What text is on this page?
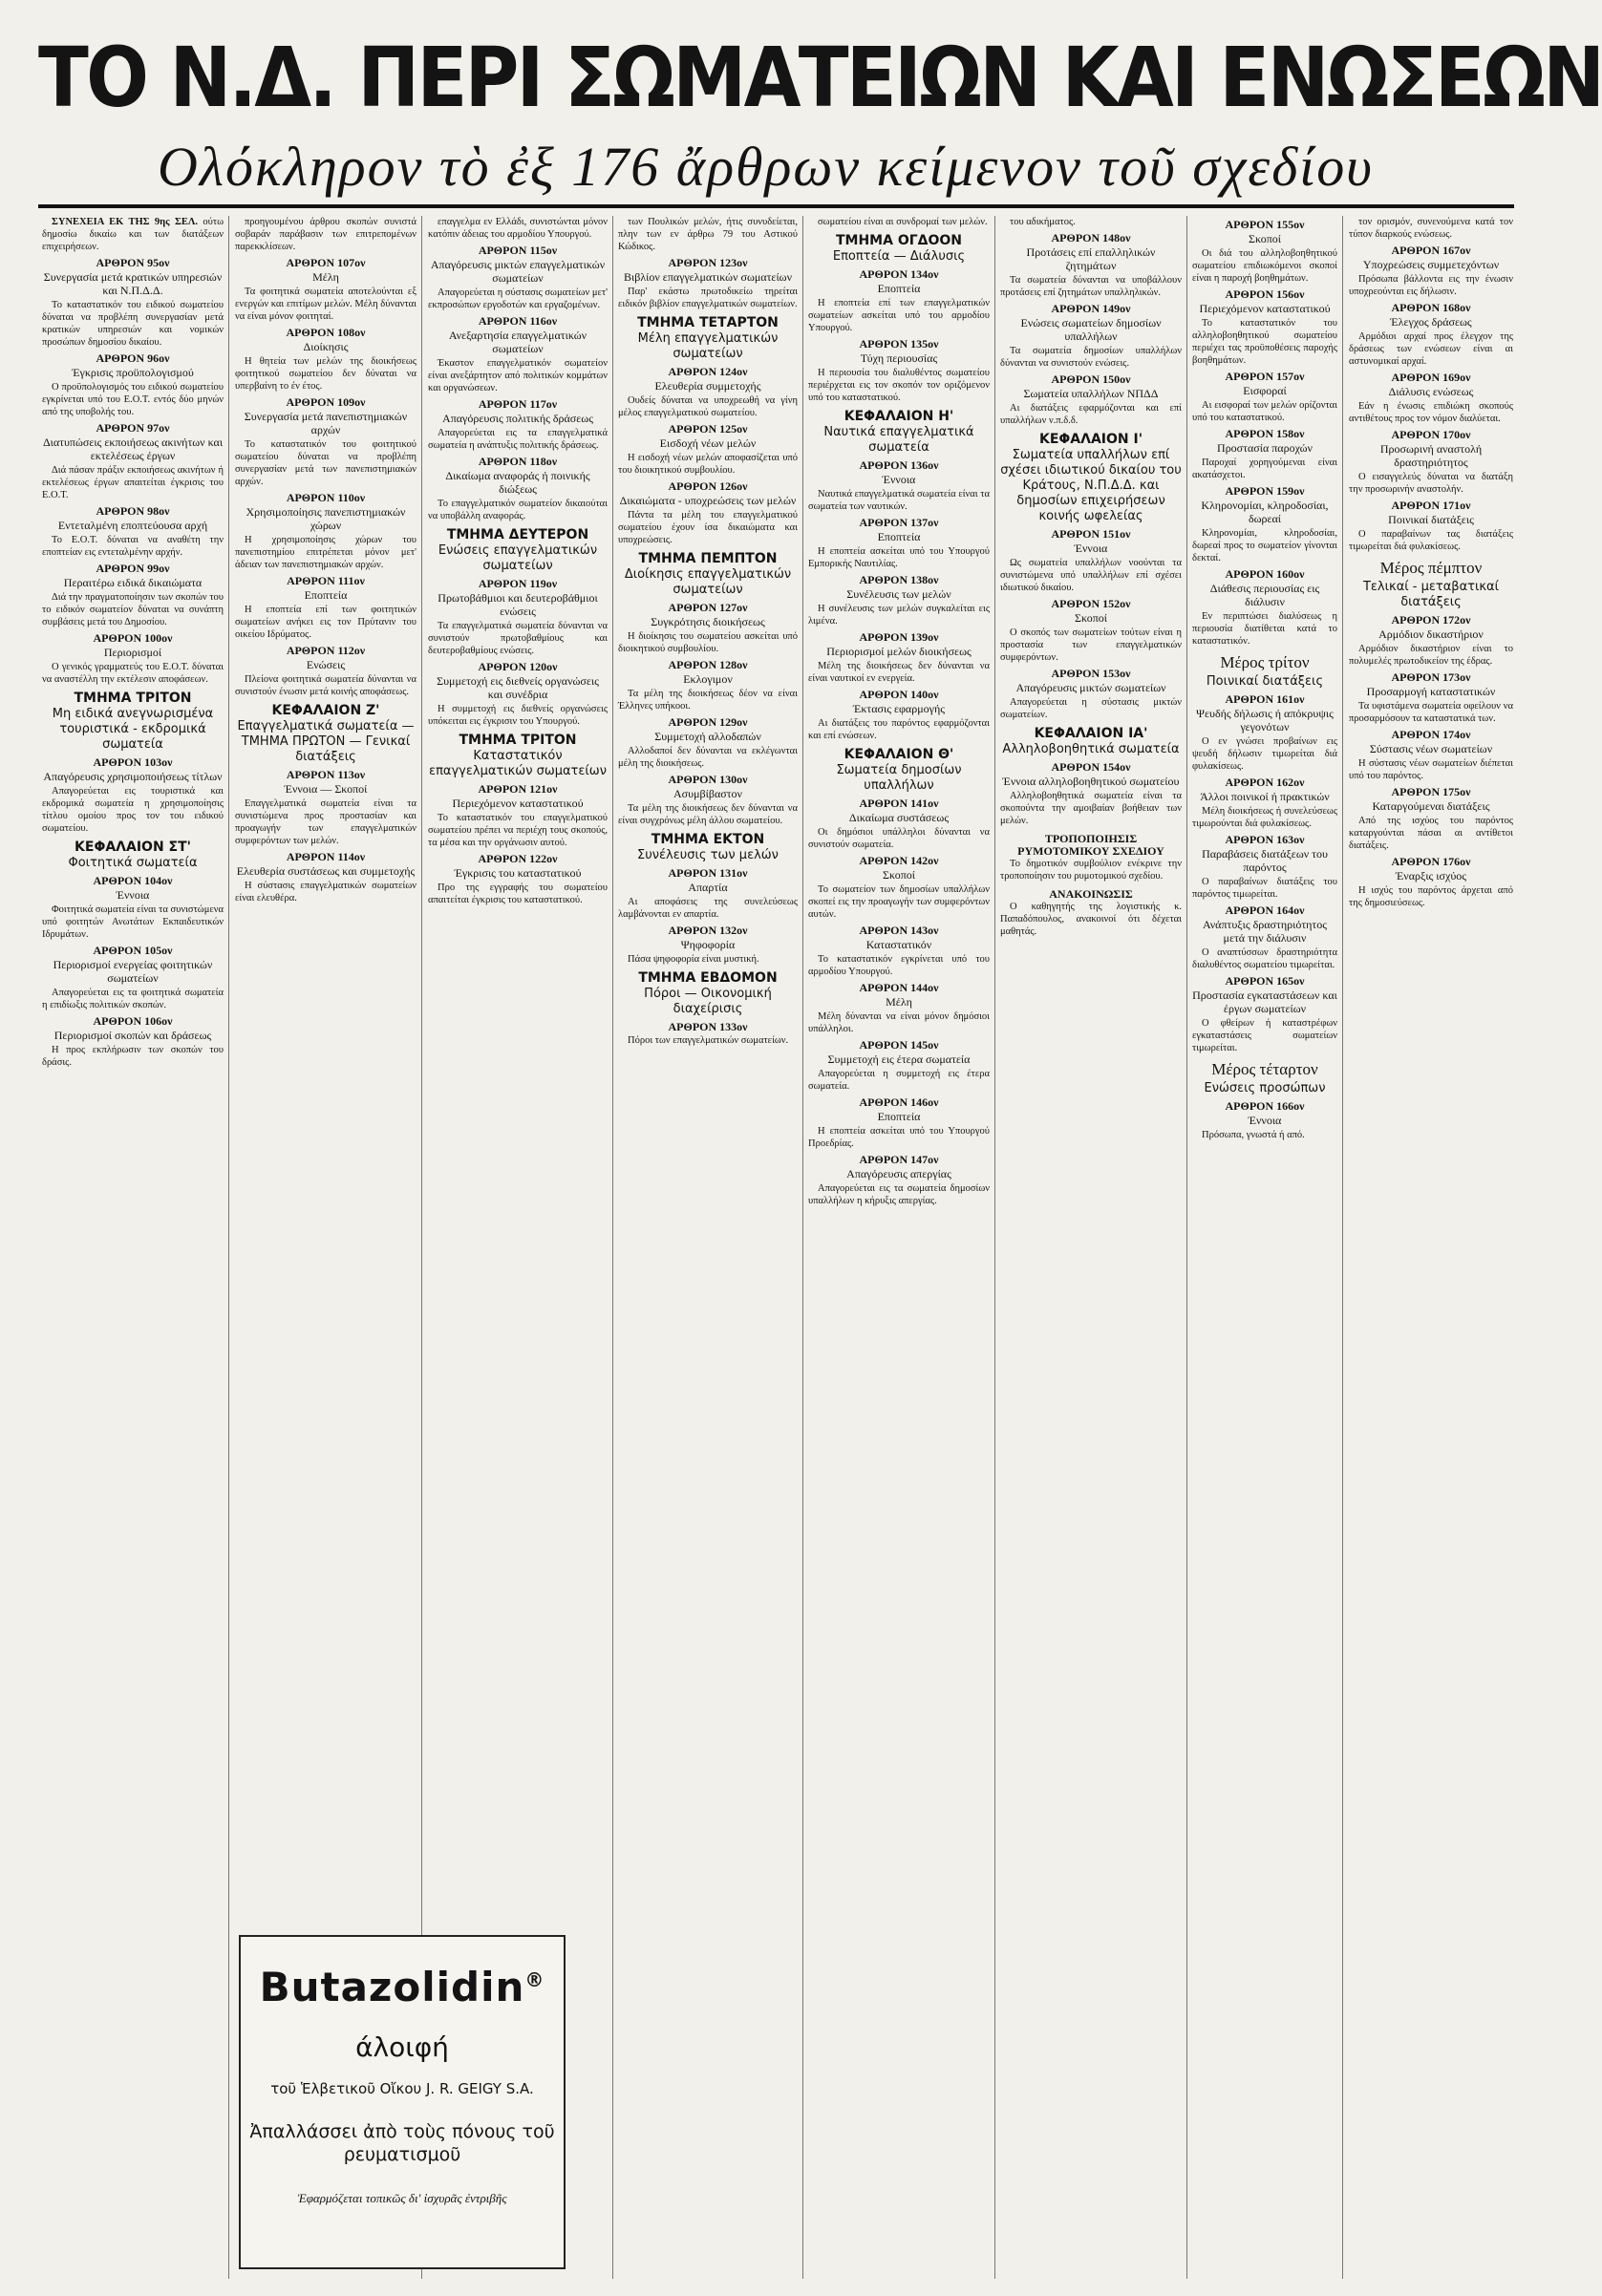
ΤΟ Ν.Δ. ΠΕΡΙ ΣΩΜΑΤΕΙΩΝ ΚΑΙ ΕΝΩΣΕΩΝ
Ολόκληρον τὸ ἐξ 176 ἄρθρων κείμενον τοῦ σχεδίου

ΣΥΝΕΧΕΙΑ ΕΚ ΤΗΣ 9ης ΣΕΛ. ούτω δημοσίω δικαίω και των διατάξεων επιχειρήσεων.

ΑΡΘΡΟΝ 95ον
Συνεργασία μετά κρατικών υπηρεσιών και Ν.Π.Δ.Δ.

Το καταστατικόν του ειδικού σωματείου δύναται να προβλέπη συνεργασίαν μετά κρατικών υπηρεσιών και νομικών προσώπων δημοσίου δικαίου.

ΑΡΘΡΟΝ 96ον
Έγκρισις προϋπολογισμού

Ο προϋπολογισμός του ειδικού σωματείου εγκρίνεται υπό του Ε.Ο.Τ. εντός δύο μηνών από της υποβολής του.

ΑΡΘΡΟΝ 97ον
Διατυπώσεις εκποιήσεως ακινήτων και εκτελέσεως έργων

Διά πάσαν πράξιν εκποιήσεως ακινήτων ή εκτελέσεως έργων απαιτείται έγκρισις του Ε.Ο.Τ.

ΑΡΘΡΟΝ 98ον
Εντεταλμένη εποπτεύουσα αρχή

Το Ε.Ο.Τ. δύναται να αναθέτη την εποπτείαν εις εντεταλμένην αρχήν.

ΑΡΘΡΟΝ 99ον
Περαιτέρω ειδικά δικαιώματα

Διά την πραγματοποίησιν των σκοπών του το ειδικόν σωματείον δύναται να συνάπτη συμβάσεις μετά του Δημοσίου.

ΑΡΘΡΟΝ 100ον
Περιορισμοί

Ο γενικός γραμματεύς του Ε.Ο.Τ. δύναται να αναστέλλη την εκτέλεσιν αποφάσεων.

ΤΜΗΜΑ ΤΡΙΤΟΝ
Μη ειδικά ανεγνωρισμένα τουριστικά - εκδρομικά σωματεία
ΑΡΘΡΟΝ 103ον
Απαγόρευσις χρησιμοποιήσεως τίτλων

Απαγορεύεται εις τουριστικά και εκδρομικά σωματεία η χρησιμοποίησις τίτλου ομοίου προς τον του ειδικού σωματείου.

ΚΕΦΑΛΑΙΟΝ ΣΤ'
Φοιτητικά σωματεία
ΑΡΘΡΟΝ 104ον
Έννοια

Φοιτητικά σωματεία είναι τα συνιστώμενα υπό φοιτητών Ανωτάτων Εκπαιδευτικών Ιδρυμάτων.

ΑΡΘΡΟΝ 105ον
Περιορισμοί ενεργείας φοιτητικών σωματείων

Απαγορεύεται εις τα φοιτητικά σωματεία η επιδίωξις πολιτικών σκοπών.

ΑΡΘΡΟΝ 106ον
Περιορισμοί σκοπών και δράσεως

Η προς εκπλήρωσιν των σκοπών του δράσις.

προηγουμένου άρθρου σκοπών συνιστά σοβαράν παράβασιν των επιτρεπομένων παρεκκλίσεων.

ΑΡΘΡΟΝ 107ον
Μέλη

Τα φοιτητικά σωματεία αποτελούνται εξ ενεργών και επιτίμων μελών. Μέλη δύνανται να είναι μόνον φοιτηταί.

ΑΡΘΡΟΝ 108ον
Διοίκησις

Η θητεία των μελών της διοικήσεως φοιτητικού σωματείου δεν δύναται να υπερβαίνη το έν έτος.

ΑΡΘΡΟΝ 109ον
Συνεργασία μετά πανεπιστημιακών αρχών

Το καταστατικόν του φοιτητικού σωματείου δύναται να προβλέπη συνεργασίαν μετά των πανεπιστημιακών αρχών.

ΑΡΘΡΟΝ 110ον
Χρησιμοποίησις πανεπιστημιακών χώρων

Η χρησιμοποίησις χώρων του πανεπιστημίου επιτρέπεται μόνον μετ' άδειαν των πανεπιστημιακών αρχών.

ΑΡΘΡΟΝ 111ον
Εποπτεία

Η εποπτεία επί των φοιτητικών σωματείων ανήκει εις τον Πρύτανιν του οικείου Ιδρύματος.

ΑΡΘΡΟΝ 112ον
Ενώσεις

Πλείονα φοιτητικά σωματεία δύνανται να συνιστούν ένωσιν μετά κοινής αποφάσεως.

ΚΕΦΑΛΑΙΟΝ Ζ'
Επαγγελματικά σωματεία — ΤΜΗΜΑ ΠΡΩΤΟΝ — Γενικαί διατάξεις
ΑΡΘΡΟΝ 113ον
Έννοια — Σκοποί

Επαγγελματικά σωματεία είναι τα συνιστώμενα προς προστασίαν και προαγωγήν των επαγγελματικών συμφερόντων των μελών.

ΑΡΘΡΟΝ 114ον
Ελευθερία συστάσεως και συμμετοχής

Η σύστασις επαγγελματικών σωματείων είναι ελευθέρα.

επαγγελμα εν Ελλάδι, συνιστώνται μόνον κατόπιν άδειας του αρμοδίου Υπουργού.

ΑΡΘΡΟΝ 115ον
Απαγόρευσις μικτών επαγγελματικών σωματείων

Απαγορεύεται η σύστασις σωματείων μετ' εκπροσώπων εργοδοτών και εργαζομένων.

ΑΡΘΡΟΝ 116ον
Ανεξαρτησία επαγγελματικών σωματείων

Έκαστον επαγγελματικόν σωματείον είναι ανεξάρτητον από πολιτικών κομμάτων και οργανώσεων.

ΑΡΘΡΟΝ 117ον
Απαγόρευσις πολιτικής δράσεως

Απαγορεύεται εις τα επαγγελματικά σωματεία η ανάπτυξις πολιτικής δράσεως.

ΑΡΘΡΟΝ 118ον
Δικαίωμα αναφοράς ή ποινικής διώξεως

Το επαγγελματικόν σωματείον δικαιούται να υποβάλλη αναφοράς.

ΤΜΗΜΑ ΔΕΥΤΕΡΟΝ
Ενώσεις επαγγελματικών σωματείων
ΑΡΘΡΟΝ 119ον
Πρωτοβάθμιοι και δευτεροβάθμιοι ενώσεις

Τα επαγγελματικά σωματεία δύνανται να συνιστούν πρωτοβαθμίους και δευτεροβαθμίους ενώσεις.

ΑΡΘΡΟΝ 120ον
Συμμετοχή εις διεθνείς οργανώσεις και συνέδρια

Η συμμετοχή εις διεθνείς οργανώσεις υπόκειται εις έγκρισιν του Υπουργού.

ΤΜΗΜΑ ΤΡΙΤΟΝ
Καταστατικόν επαγγελματικών σωματείων
ΑΡΘΡΟΝ 121ον
Περιεχόμενον καταστατικού

Το καταστατικόν του επαγγελματικού σωματείου πρέπει να περιέχη τους σκοπούς, τα μέσα και την οργάνωσιν αυτού.

ΑΡΘΡΟΝ 122ον
Έγκρισις του καταστατικού

Προ της εγγραφής του σωματείου απαιτείται έγκρισις του καταστατικού.

των Πουλικών μελών, ήτις συνυδείεται, πλην των εν άρθρω 79 του Αστικού Κώδικος.

ΑΡΘΡΟΝ 123ον
Βιβλίον επαγγελματικών σωματείων

Παρ' εκάστω πρωτοδικείω τηρείται ειδικόν βιβλίον επαγγελματικών σωματείων.

ΤΜΗΜΑ ΤΕΤΑΡΤΟΝ
Μέλη επαγγελματικών σωματείων
ΑΡΘΡΟΝ 124ον
Ελευθερία συμμετοχής

Ουδείς δύναται να υποχρεωθή να γίνη μέλος επαγγελματικού σωματείου.

ΑΡΘΡΟΝ 125ον
Εισδοχή νέων μελών

Η εισδοχή νέων μελών αποφασίζεται υπό του διοικητικού συμβουλίου.

ΑΡΘΡΟΝ 126ον
Δικαιώματα - υποχρεώσεις των μελών

Πάντα τα μέλη του επαγγελματικού σωματείου έχουν ίσα δικαιώματα και υποχρεώσεις.

ΤΜΗΜΑ ΠΕΜΠΤΟΝ
Διοίκησις επαγγελματικών σωματείων
ΑΡΘΡΟΝ 127ον
Συγκρότησις διοικήσεως

Η διοίκησις του σωματείου ασκείται υπό διοικητικού συμβουλίου.

ΑΡΘΡΟΝ 128ον
Εκλογιμον

Τα μέλη της διοικήσεως δέον να είναι Έλληνες υπήκοοι.

ΑΡΘΡΟΝ 129ον
Συμμετοχή αλλοδαπών

Αλλοδαποί δεν δύνανται να εκλέγωνται μέλη της διοικήσεως.

ΑΡΘΡΟΝ 130ον
Ασυμβίβαστον

Τα μέλη της διοικήσεως δεν δύνανται να είναι συγχρόνως μέλη άλλου σωματείου.

ΤΜΗΜΑ ΕΚΤΟΝ
Συνέλευσις των μελών
ΑΡΘΡΟΝ 131ον
Απαρτία

Αι αποφάσεις της συνελεύσεως λαμβάνονται εν απαρτία.

ΑΡΘΡΟΝ 132ον
Ψηφοφορία

Πάσα ψηφοφορία είναι μυστική.

ΤΜΗΜΑ ΕΒΔΟΜΟΝ
Πόροι — Οικονομική διαχείρισις
ΑΡΘΡΟΝ 133ον

Πόροι των επαγγελματικών σωματείων.

σωματείου είναι αι συνδρομαί των μελών.

ΤΜΗΜΑ ΟΓΔΟΟΝ
Εποπτεία — Διάλυσις
ΑΡΘΡΟΝ 134ον
Εποπτεία

Η εποπτεία επί των επαγγελματικών σωματείων ασκείται υπό του αρμοδίου Υπουργού.

ΑΡΘΡΟΝ 135ον
Τύχη περιουσίας

Η περιουσία του διαλυθέντος σωματείου περιέρχεται εις τον σκοπόν τον οριζόμενον υπό του καταστατικού.

ΚΕΦΑΛΑΙΟΝ Η'
Ναυτικά επαγγελματικά σωματεία
ΑΡΘΡΟΝ 136ον
Έννοια

Ναυτικά επαγγελματικά σωματεία είναι τα σωματεία των ναυτικών.

ΑΡΘΡΟΝ 137ον
Εποπτεία

Η εποπτεία ασκείται υπό του Υπουργού Εμπορικής Ναυτιλίας.

ΑΡΘΡΟΝ 138ον
Συνέλευσις των μελών

Η συνέλευσις των μελών συγκαλείται εις λιμένα.

ΑΡΘΡΟΝ 139ον
Περιορισμοί μελών διοικήσεως

Μέλη της διοικήσεως δεν δύνανται να είναι ναυτικοί εν ενεργεία.

ΑΡΘΡΟΝ 140ον
Έκτασις εφαρμογής

Αι διατάξεις του παρόντος εφαρμόζονται και επί ενώσεων.

ΚΕΦΑΛΑΙΟΝ Θ'
Σωματεία δημοσίων υπαλλήλων
ΑΡΘΡΟΝ 141ον
Δικαίωμα συστάσεως

Οι δημόσιοι υπάλληλοι δύνανται να συνιστούν σωματεία.

ΑΡΘΡΟΝ 142ον
Σκοποί

Το σωματείον των δημοσίων υπαλλήλων σκοπεί εις την προαγωγήν των συμφερόντων αυτών.

ΑΡΘΡΟΝ 143ον
Καταστατικόν

Το καταστατικόν εγκρίνεται υπό του αρμοδίου Υπουργού.

ΑΡΘΡΟΝ 144ον
Μέλη

Μέλη δύνανται να είναι μόνον δημόσιοι υπάλληλοι.

ΑΡΘΡΟΝ 145ον
Συμμετοχή εις έτερα σωματεία

Απαγορεύεται η συμμετοχή εις έτερα σωματεία.

ΑΡΘΡΟΝ 146ον
Εποπτεία

Η εποπτεία ασκείται υπό του Υπουργού Προεδρίας.

ΑΡΘΡΟΝ 147ον
Απαγόρευσις απεργίας

Απαγορεύεται εις τα σωματεία δημοσίων υπαλλήλων η κήρυξις απεργίας.

του αδικήματος.

ΑΡΘΡΟΝ 148ον
Προτάσεις επί επαλληλικών ζητημάτων

Τα σωματεία δύνανται να υποβάλλουν προτάσεις επί ζητημάτων υπαλληλικών.

ΑΡΘΡΟΝ 149ον
Ενώσεις σωματείων δημοσίων υπαλλήλων

Τα σωματεία δημοσίων υπαλλήλων δύνανται να συνιστούν ενώσεις.

ΑΡΘΡΟΝ 150ον
Σωματεία υπαλλήλων ΝΠΔΔ

Αι διατάξεις εφαρμόζονται και επί υπαλλήλων ν.π.δ.δ.

ΚΕΦΑΛΑΙΟΝ Ι'
Σωματεία υπαλλήλων επί σχέσει ιδιωτικού δικαίου του Κράτους, Ν.Π.Δ.Δ. και δημοσίων επιχειρήσεων κοινής ωφελείας
ΑΡΘΡΟΝ 151ον
Έννοια

Ως σωματεία υπαλλήλων νοούνται τα συνιστώμενα υπό υπαλλήλων επί σχέσει ιδιωτικού δικαίου.

ΑΡΘΡΟΝ 152ον
Σκοποί

Ο σκοπός των σωματείων τούτων είναι η προστασία των επαγγελματικών συμφερόντων.

ΑΡΘΡΟΝ 153ον
Απαγόρευσις μικτών σωματείων

Απαγορεύεται η σύστασις μικτών σωματείων.

ΚΕΦΑΛΑΙΟΝ ΙΑ'
Αλληλοβοηθητικά σωματεία
ΑΡΘΡΟΝ 154ον
Έννοια αλληλοβοηθητικού σωματείου

Αλληλοβοηθητικά σωματεία είναι τα σκοπούντα την αμοιβαίαν βοήθειαν των μελών.

ΤΡΟΠΟΠΟΙΗΣΙΣ ΡΥΜΟΤΟΜΙΚΟΥ ΣΧΕΔΙΟΥ

Το δημοτικόν συμβούλιον ενέκρινε την τροποποίησιν του ρυμοτομικού σχεδίου.

ΑΝΑΚΟΙΝΩΣΙΣ

Ο καθηγητής της λογιστικής κ. Παπαδόπουλος, ανακοινοί ότι δέχεται μαθητάς.

ΑΡΘΡΟΝ 155ον
Σκοποί

Οι διά του αλληλοβοηθητικού σωματείου επιδιωκόμενοι σκοποί είναι η παροχή βοηθημάτων.

ΑΡΘΡΟΝ 156ον
Περιεχόμενον καταστατικού

Το καταστατικόν του αλληλοβοηθητικού σωματείου περιέχει τας προϋποθέσεις παροχής βοηθημάτων.

ΑΡΘΡΟΝ 157ον
Εισφοραί

Αι εισφοραί των μελών ορίζονται υπό του καταστατικού.

ΑΡΘΡΟΝ 158ον
Προστασία παροχών

Παροχαί χορηγούμεναι είναι ακατάσχετοι.

ΑΡΘΡΟΝ 159ον
Κληρονομίαι, κληροδοσίαι, δωρεαί

Κληρονομίαι, κληροδοσίαι, δωρεαί προς το σωματείον γίνονται δεκταί.

ΑΡΘΡΟΝ 160ον
Διάθεσις περιουσίας εις διάλυσιν

Εν περιπτώσει διαλύσεως η περιουσία διατίθεται κατά το καταστατικόν.

Μέρος τρίτον
Ποινικαί διατάξεις
ΑΡΘΡΟΝ 161ον
Ψευδής δήλωσις ή απόκρυψις γεγονότων

Ο εν γνώσει προβαίνων εις ψευδή δήλωσιν τιμωρείται διά φυλακίσεως.

ΑΡΘΡΟΝ 162ον
Άλλοι ποινικοί ή πρακτικών

Μέλη διοικήσεως ή συνελεύσεως τιμωρούνται διά φυλακίσεως.

ΑΡΘΡΟΝ 163ον
Παραβάσεις διατάξεων του παρόντος

Ο παραβαίνων διατάξεις του παρόντος τιμωρείται.

ΑΡΘΡΟΝ 164ον
Ανάπτυξις δραστηριότητος μετά την διάλυσιν

Ο αναπτύσσων δραστηριότητα διαλυθέντος σωματείου τιμωρείται.

ΑΡΘΡΟΝ 165ον
Προστασία εγκαταστάσεων και έργων σωματείων

Ο φθείρων ή καταστρέφων εγκαταστάσεις σωματείων τιμωρείται.

Μέρος τέταρτον
Ενώσεις προσώπων
ΑΡΘΡΟΝ 166ον
Έννοια

Πρόσωπα, γνωστά ή από.

τον ορισμόν, συνενούμενα κατά τον τύπον διαρκούς ενώσεως.

ΑΡΘΡΟΝ 167ον
Υποχρεώσεις συμμετεχόντων

Πρόσωπα βάλλοντα εις την ένωσιν υποχρεούνται εις δήλωσιν.

ΑΡΘΡΟΝ 168ον
Έλεγχος δράσεως

Αρμόδιοι αρχαί προς έλεγχον της δράσεως των ενώσεων είναι αι αστυνομικαί αρχαί.

ΑΡΘΡΟΝ 169ον
Διάλυσις ενώσεως

Εάν η ένωσις επιδιώκη σκοπούς αντιθέτους προς τον νόμον διαλύεται.

ΑΡΘΡΟΝ 170ον
Προσωρινή αναστολή δραστηριότητος

Ο εισαγγελεύς δύναται να διατάξη την προσωρινήν αναστολήν.

ΑΡΘΡΟΝ 171ον
Ποινικαί διατάξεις

Ο παραβαίνων τας διατάξεις τιμωρείται διά φυλακίσεως.

Μέρος πέμπτον
Τελικαί - μεταβατικαί διατάξεις
ΑΡΘΡΟΝ 172ον
Αρμόδιον δικαστήριον

Αρμόδιον δικαστήριον είναι το πολυμελές πρωτοδικείον της έδρας.

ΑΡΘΡΟΝ 173ον
Προσαρμογή καταστατικών

Τα υφιστάμενα σωματεία οφείλουν να προσαρμόσουν τα καταστατικά των.

ΑΡΘΡΟΝ 174ον
Σύστασις νέων σωματείων

Η σύστασις νέων σωματείων διέπεται υπό του παρόντος.

ΑΡΘΡΟΝ 175ον
Καταργούμεναι διατάξεις

Από της ισχύος του παρόντος καταργούνται πάσαι αι αντίθετοι διατάξεις.

ΑΡΘΡΟΝ 176ον
Έναρξις ισχύος

Η ισχύς του παρόντος άρχεται από της δημοσιεύσεως.

Butazolidin®
άλοιφή
τοῦ Ἑλβετικοῦ Οἴκου J. R. GEIGY S.A.
Ἀπαλλάσσει ἀπὸ τοὺς πόνους τοῦ ρευματισμοῦ
Ἐφαρμόζεται τοπικῶς δι' ἰσχυρᾶς ἐντριβῆς
